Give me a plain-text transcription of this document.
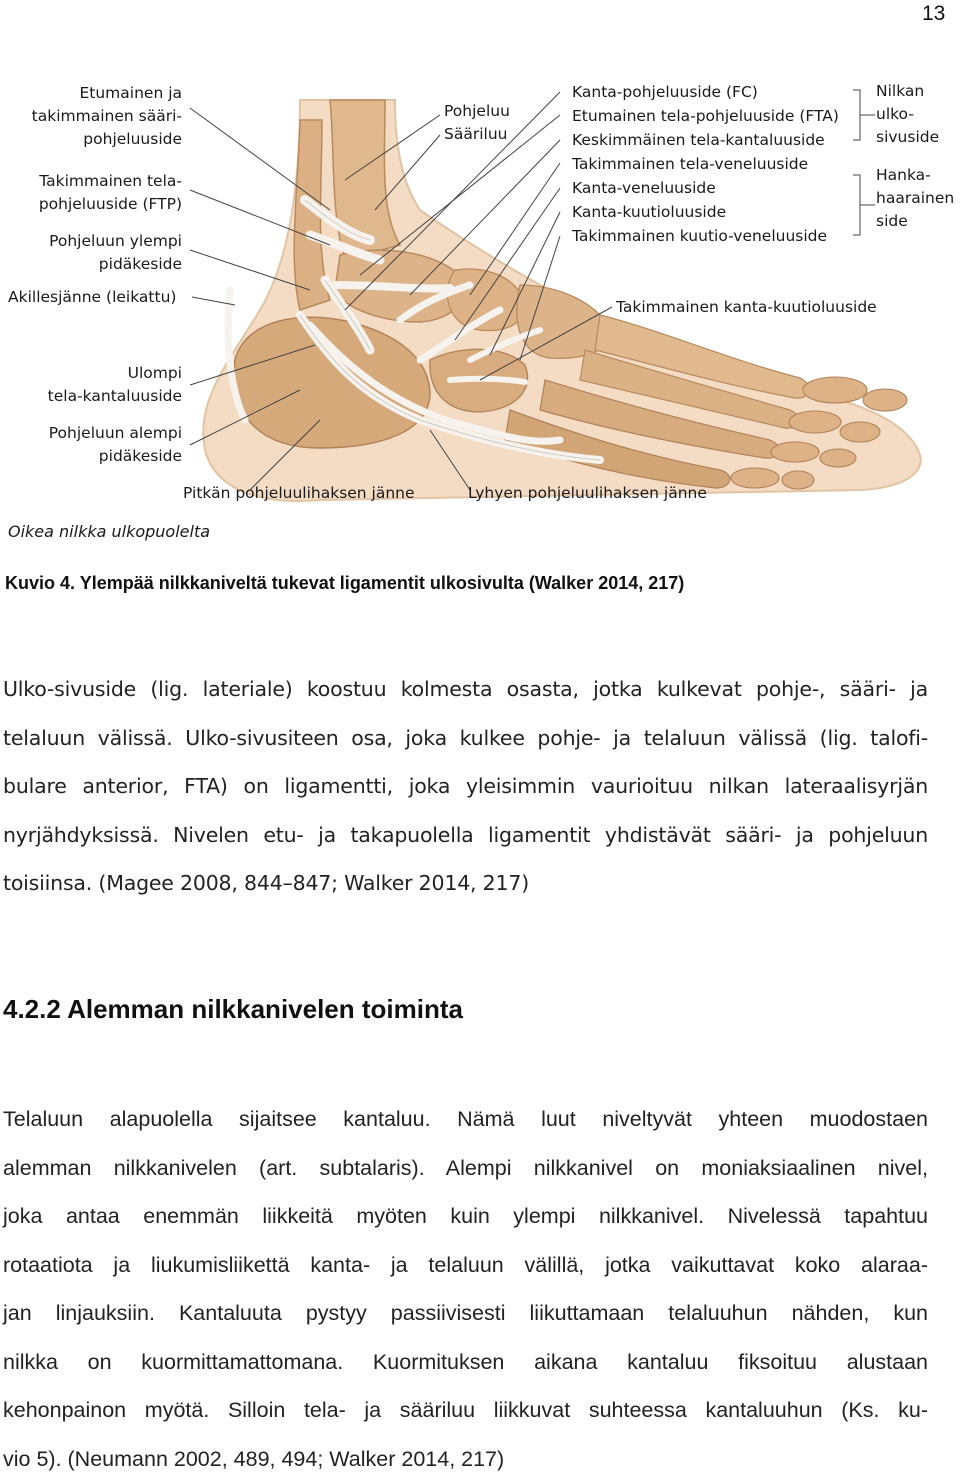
13
Etumainen ja
takimmainen sääri-
pohjeluuside
Takimmainen tela-
pohjeluuside (FTP)
Pohjeluun ylempi
pidäkeside
Akillesjänne (leikattu)
Ulompi
tela-kantaluuside
Pohjeluun alempi
pidäkeside
Pohjeluu
Sääriluu
Kanta-pohjeluuside (FC)
Etumainen tela-pohjeluuside (FTA)
Keskimmäinen tela-kantaluuside
Takimmainen tela-veneluuside
Kanta-veneluuside
Kanta-kuutioluuside
Takimmainen kuutio-veneluuside
Nilkan
ulko-
sivuside
Hanka-
haarainen
side
Takimmainen kanta-kuutioluuside
Pitkän pohjeluulihaksen jänne	Lyhyen pohjeluulihaksen jänne
Oikea nilkka ulkopuolelta
Kuvio 4. Ylempää nilkkaniveltä tukevat ligamentit ulkosivulta (Walker 2014, 217)
Ulko-sivuside (lig. lateriale) koostuu kolmesta osasta, jotka kulkevat pohje-, sääri- ja
telaluun välissä. Ulko-sivusiteen osa, joka kulkee pohje- ja telaluun välissä (lig. talofi-
bulare anterior, FTA) on ligamentti, joka yleisimmin vaurioituu nilkan lateraalisyrjän
nyrjähdyksissä. Nivelen etu- ja takapuolella ligamentit yhdistävät sääri- ja pohjeluun
toisiinsa. (Magee 2008, 844–847; Walker 2014, 217)
4.2.2 Alemman nilkkanivelen toiminta
Telaluun alapuolella sijaitsee kantaluu. Nämä luut niveltyvät yhteen muodostaen
alemman nilkkanivelen (art. subtalaris). Alempi nilkkanivel on moniaksiaalinen nivel,
joka antaa enemmän liikkeitä myöten kuin ylempi nilkkanivel. Nivelessä tapahtuu
rotaatiota ja liukumisliikettä kanta- ja telaluun välillä, jotka vaikuttavat koko alaraa-
jan linjauksiin. Kantaluuta pystyy passiivisesti liikuttamaan telaluuhun nähden, kun
nilkka on kuormittamattomana. Kuormituksen aikana kantaluu fiksoituu alustaan
kehonpainon myötä. Silloin tela- ja sääriluu liikkuvat suhteessa kantaluuhun (Ks. ku-
vio 5). (Neumann 2002, 489, 494; Walker 2014, 217)
